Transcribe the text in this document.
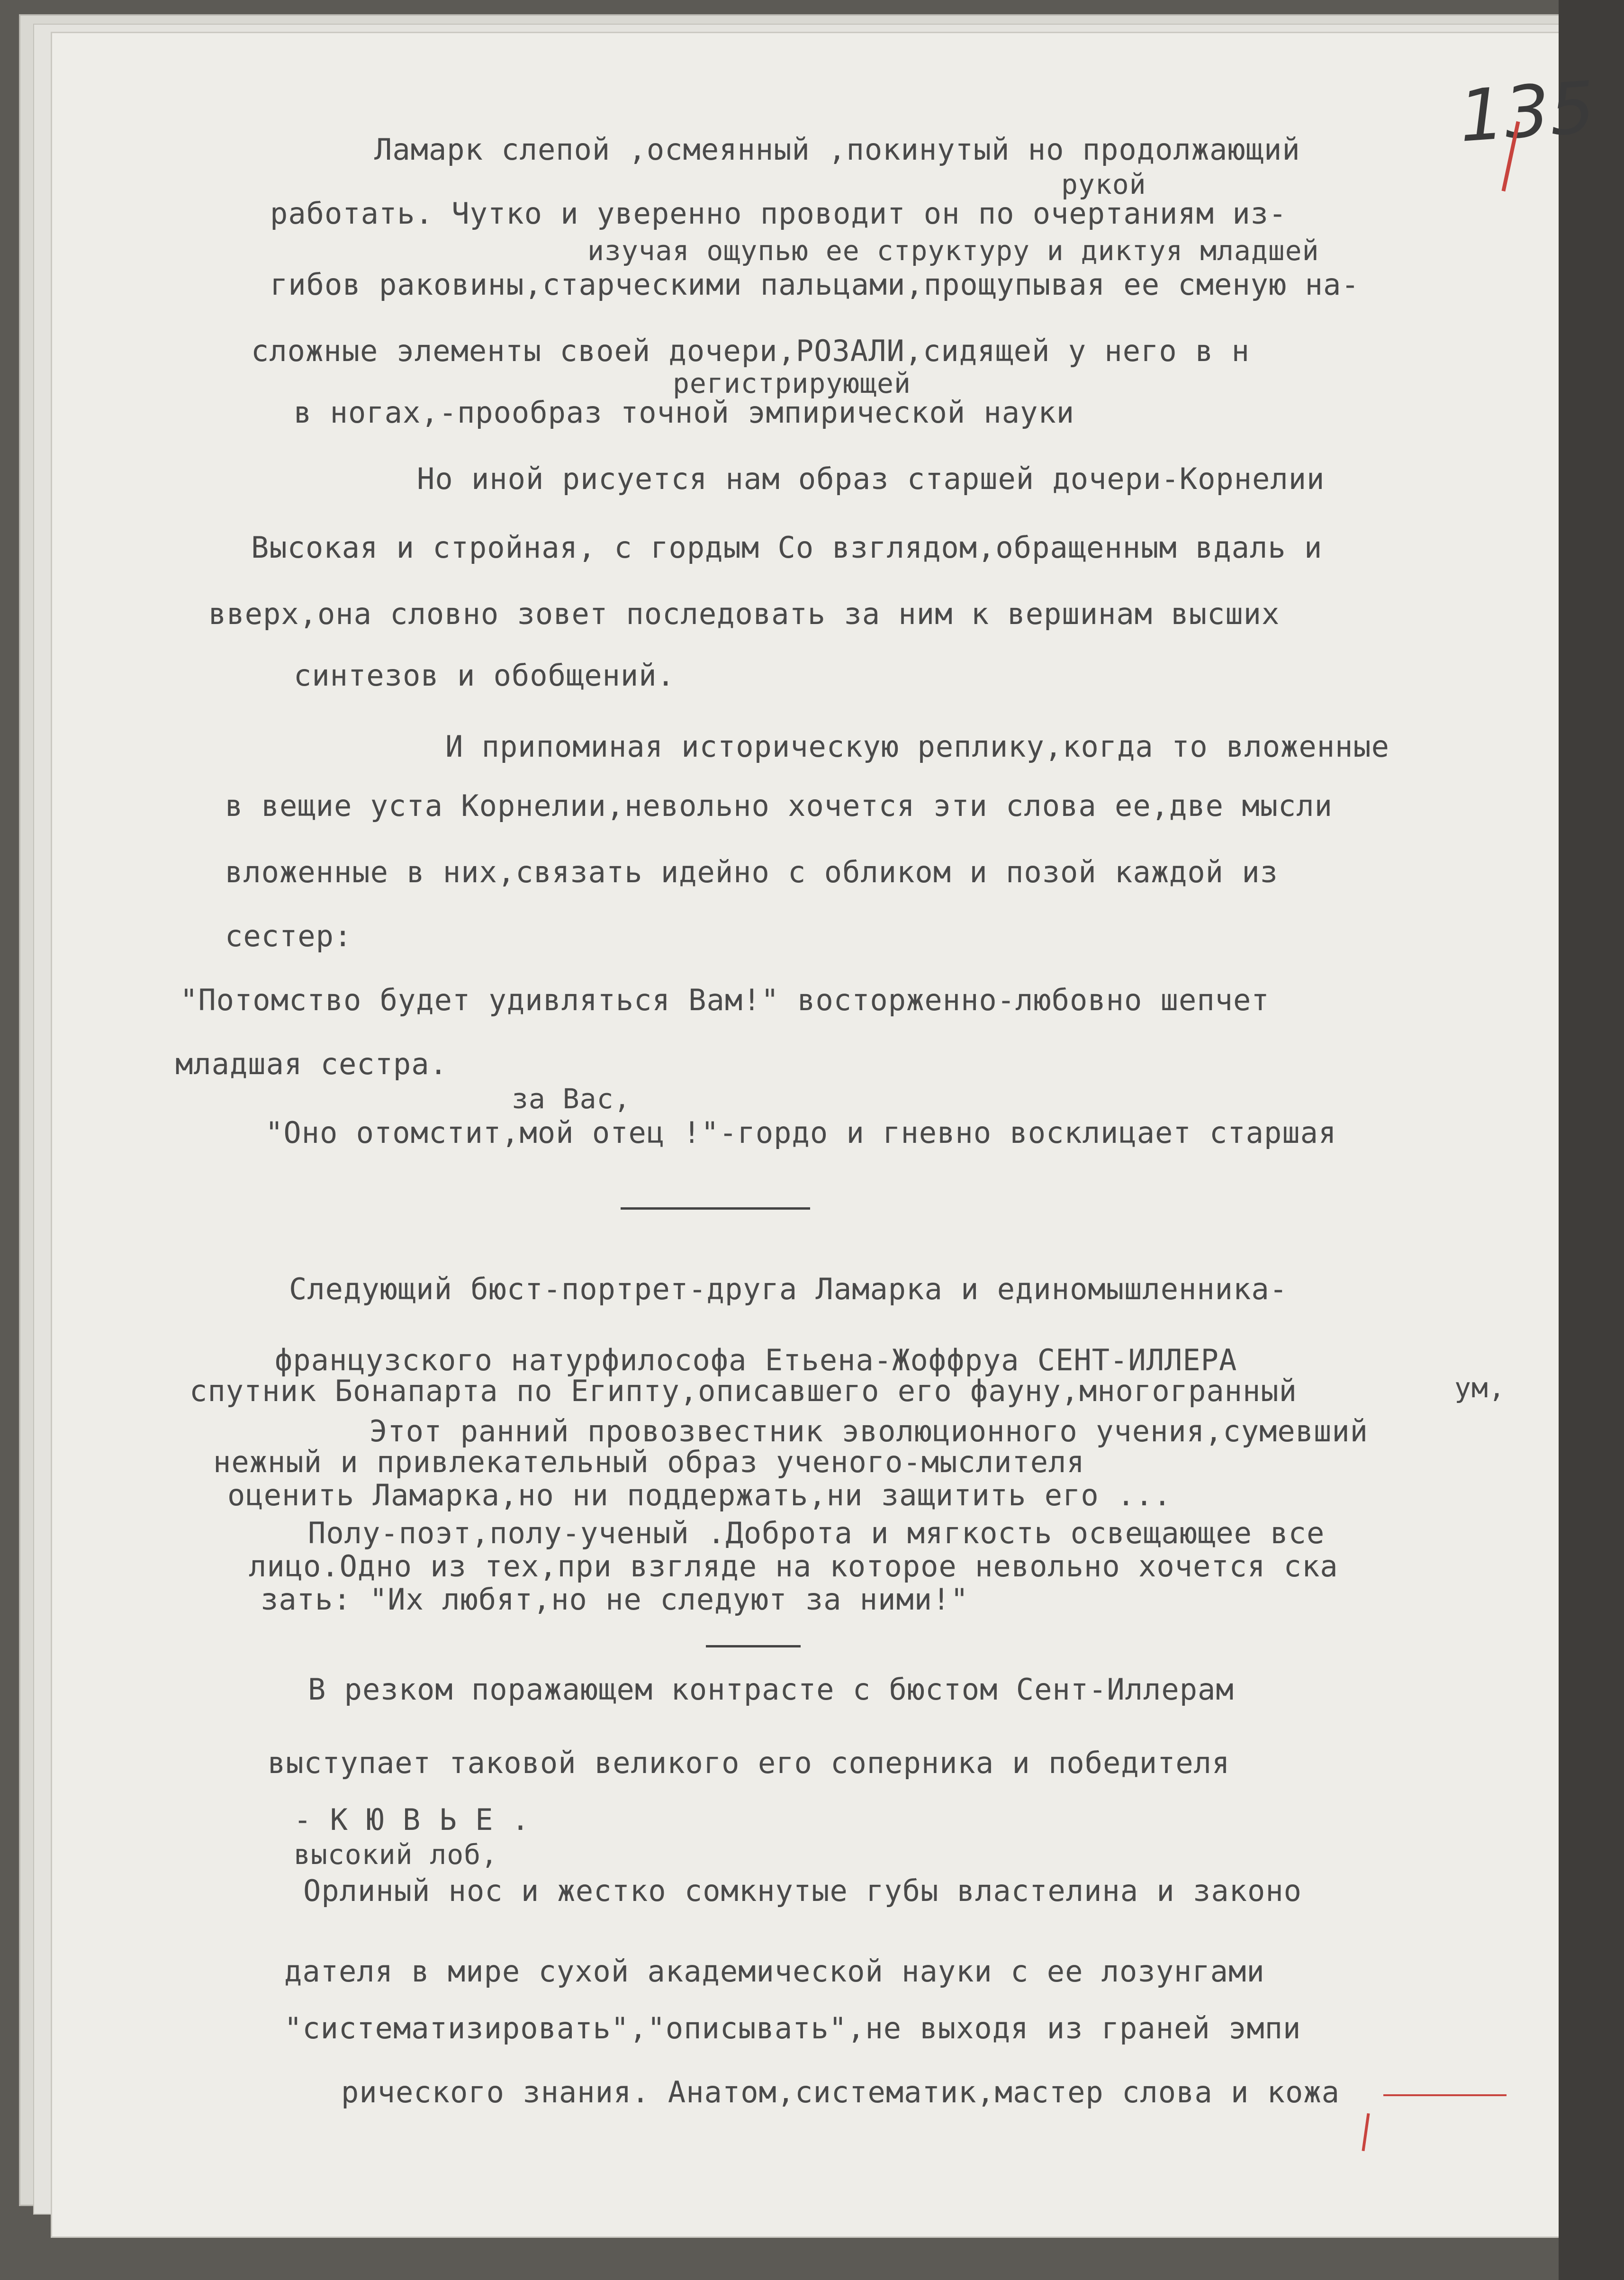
135
Ламарк слепой ,осмеянный ,покинутый но продолжающий
рукой
работать. Чутко и уверенно проводит он по очертаниям из-
изучая ощупью ее структуру и диктуя младшей
гибов раковины,старческими пальцами,прощупывая ее сменую на-
сложные элементы своей дочери,РОЗАЛИ,сидящей у него в н
регистрирующей
в ногах,-прообраз точной эмпирической науки
Но иной рисуется нам образ старшей дочери-Корнелии
Высокая и стройная, с гордым Со взглядом,обращенным вдаль и
вверх,она словно зовет последовать за ним к вершинам высших
синтезов и обобщений.
И припоминая историческую реплику,когда то вложенные
в вещие уста Корнелии,невольно хочется эти слова ее,две мысли
вложенные в них,связать идейно с обликом и позой каждой из
сестер:
"Потомство будет удивляться Вам!" восторженно-любовно шепчет
младшая сестра.
за Вас,
"Оно отомстит,мой отец !"-гордо и гневно восклицает старшая
Следующий бюст-портрет-друга Ламарка и единомышленника-
французского натурфилософа Етьена-Жоффруа СЕНТ-ИЛЛЕРА
спутник Бонапарта по Египту,описавшего его фауну,многогранный	ум,
Этот ранний провозвестник эволюционного учения,сумевший
нежный и привлекательный образ ученого-мыслителя
оценить Ламарка,но ни поддержать,ни защитить его ...
Полу-поэт,полу-ученый .Доброта и мягкость освещающее все
лицо.Одно из тех,при взгляде на которое невольно хочется ска
зать: "Их любят,но не следуют за ними!"
В резком поражающем контрасте с бюстом Сент-Иллерам
выступает таковой великого его соперника и победителя
- К Ю В Ь Е .
высокий лоб,
Орлиный нос и жестко сомкнутые губы властелина и законо
дателя в мире сухой академической науки с ее лозунгами
"систематизировать","описывать",не выходя из граней эмпи
рического знания. Анатом,систематик,мастер слова и кожа
